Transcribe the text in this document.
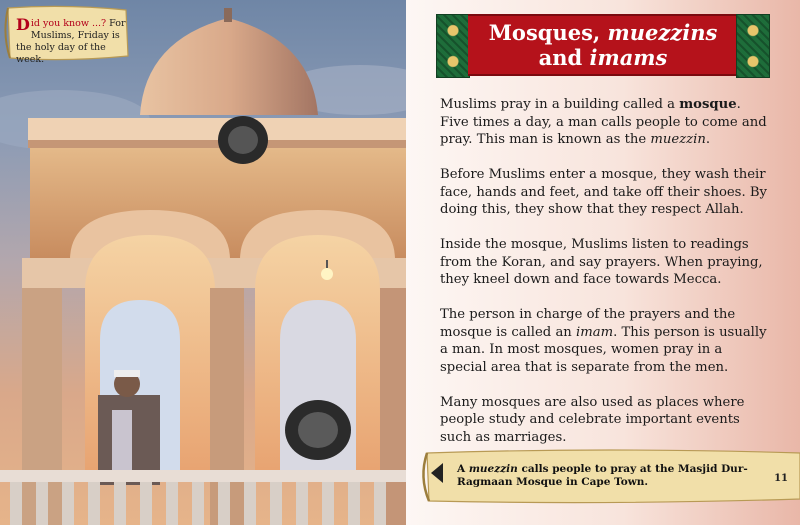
Did you know ...? For Muslims, Friday is the holy day of the week.
Mosques, muezzins
and imams

Muslims pray in a building called a mosque. Five times a day, a man calls people to come and pray. This man is known as the muezzin.

Before Muslims enter a mosque, they wash their face, hands and feet, and take off their shoes. By doing this, they show that they respect Allah.

Inside the mosque, Muslims listen to readings from the Koran, and say prayers. When praying, they kneel down and face towards Mecca.

The person in charge of the prayers and the mosque is called an imam. This person is usually a man. In most mosques, women pray in a special area that is separate from the men.

Many mosques are also used as places where people study and celebrate important events such as marriages.

A muezzin calls people to pray at the Masjid Dur-Ragmaan Mosque in Cape Town.	11
